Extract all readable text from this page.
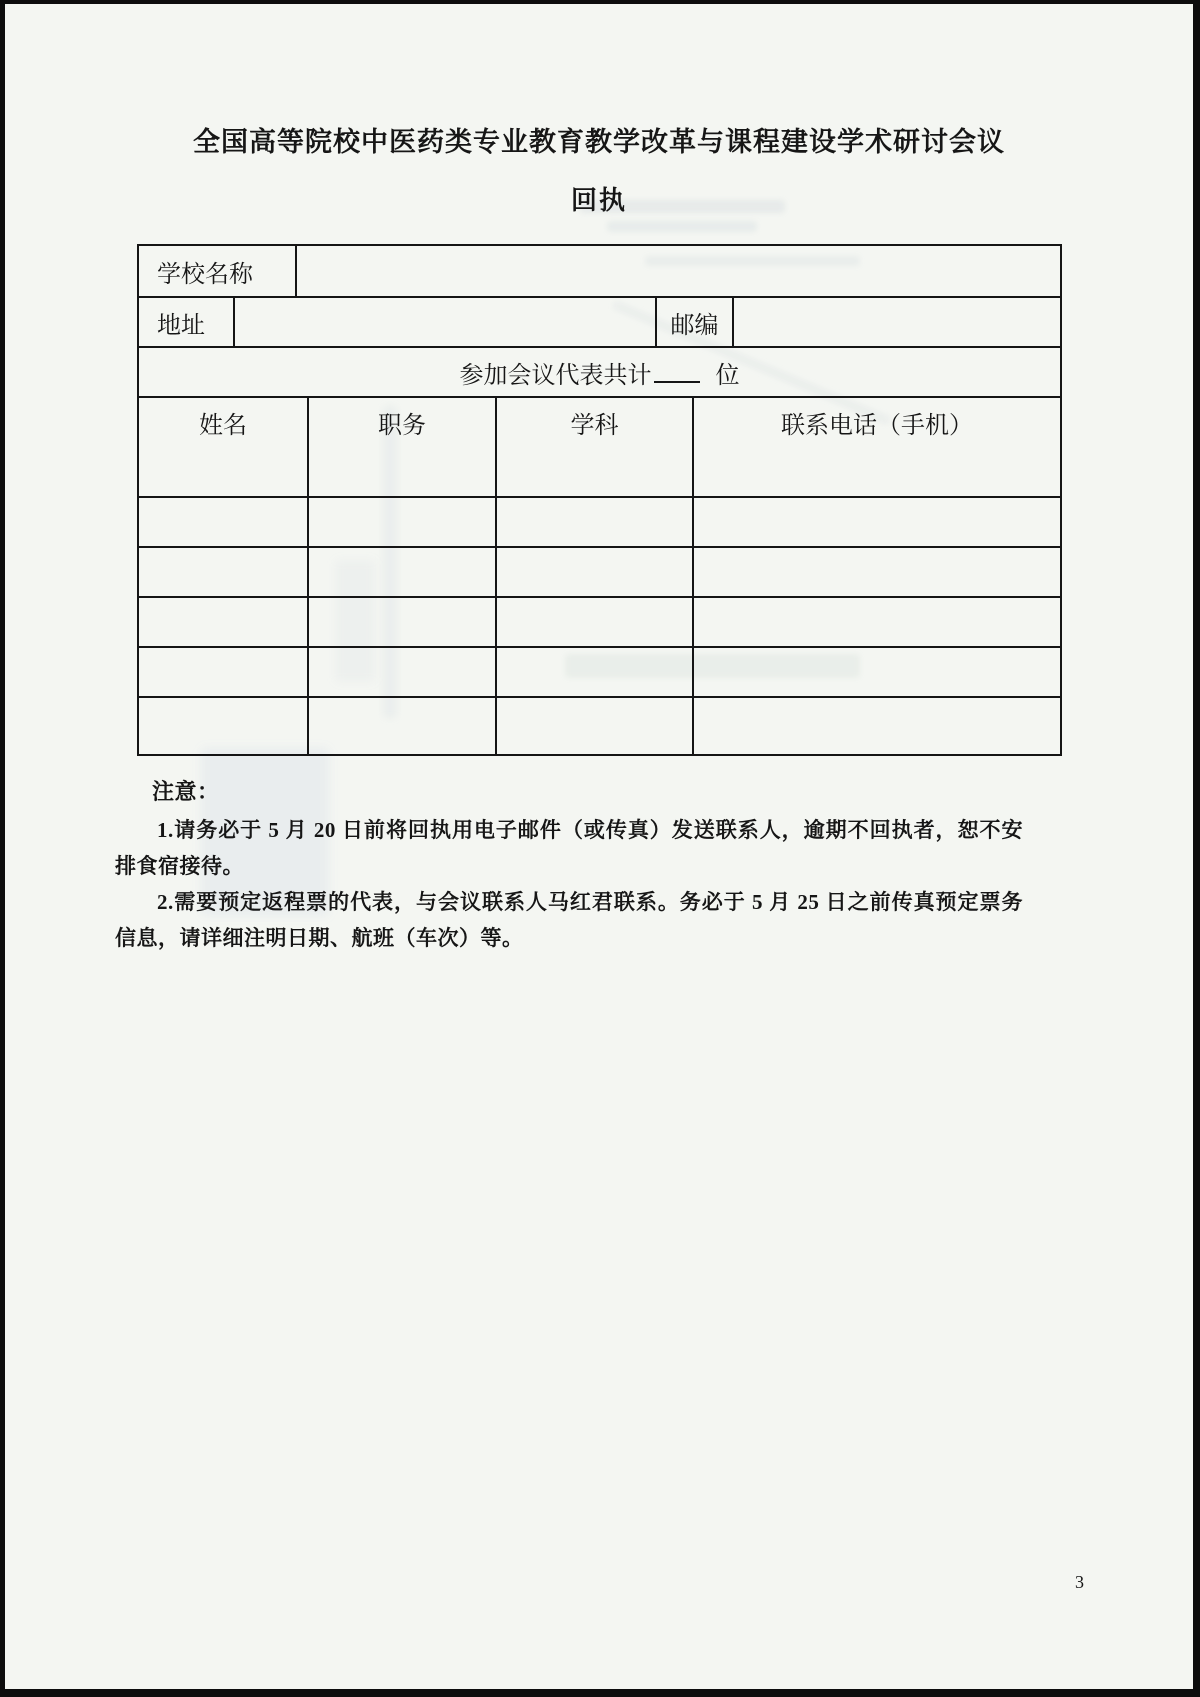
全国高等院校中医药类专业教育教学改革与课程建设学术研讨会议
回执
学校名称
地址	邮编
参加会议代表共计	位
姓名	职务	学科	联系电话（手机）
注意：

1.请务必于 5 月 20 日前将回执用电子邮件（或传真）发送联系人，逾期不回执者，恕不安排食宿接待。

2.需要预定返程票的代表，与会议联系人马红君联系。务必于 5 月 25 日之前传真预定票务信息，请详细注明日期、航班（车次）等。

3
